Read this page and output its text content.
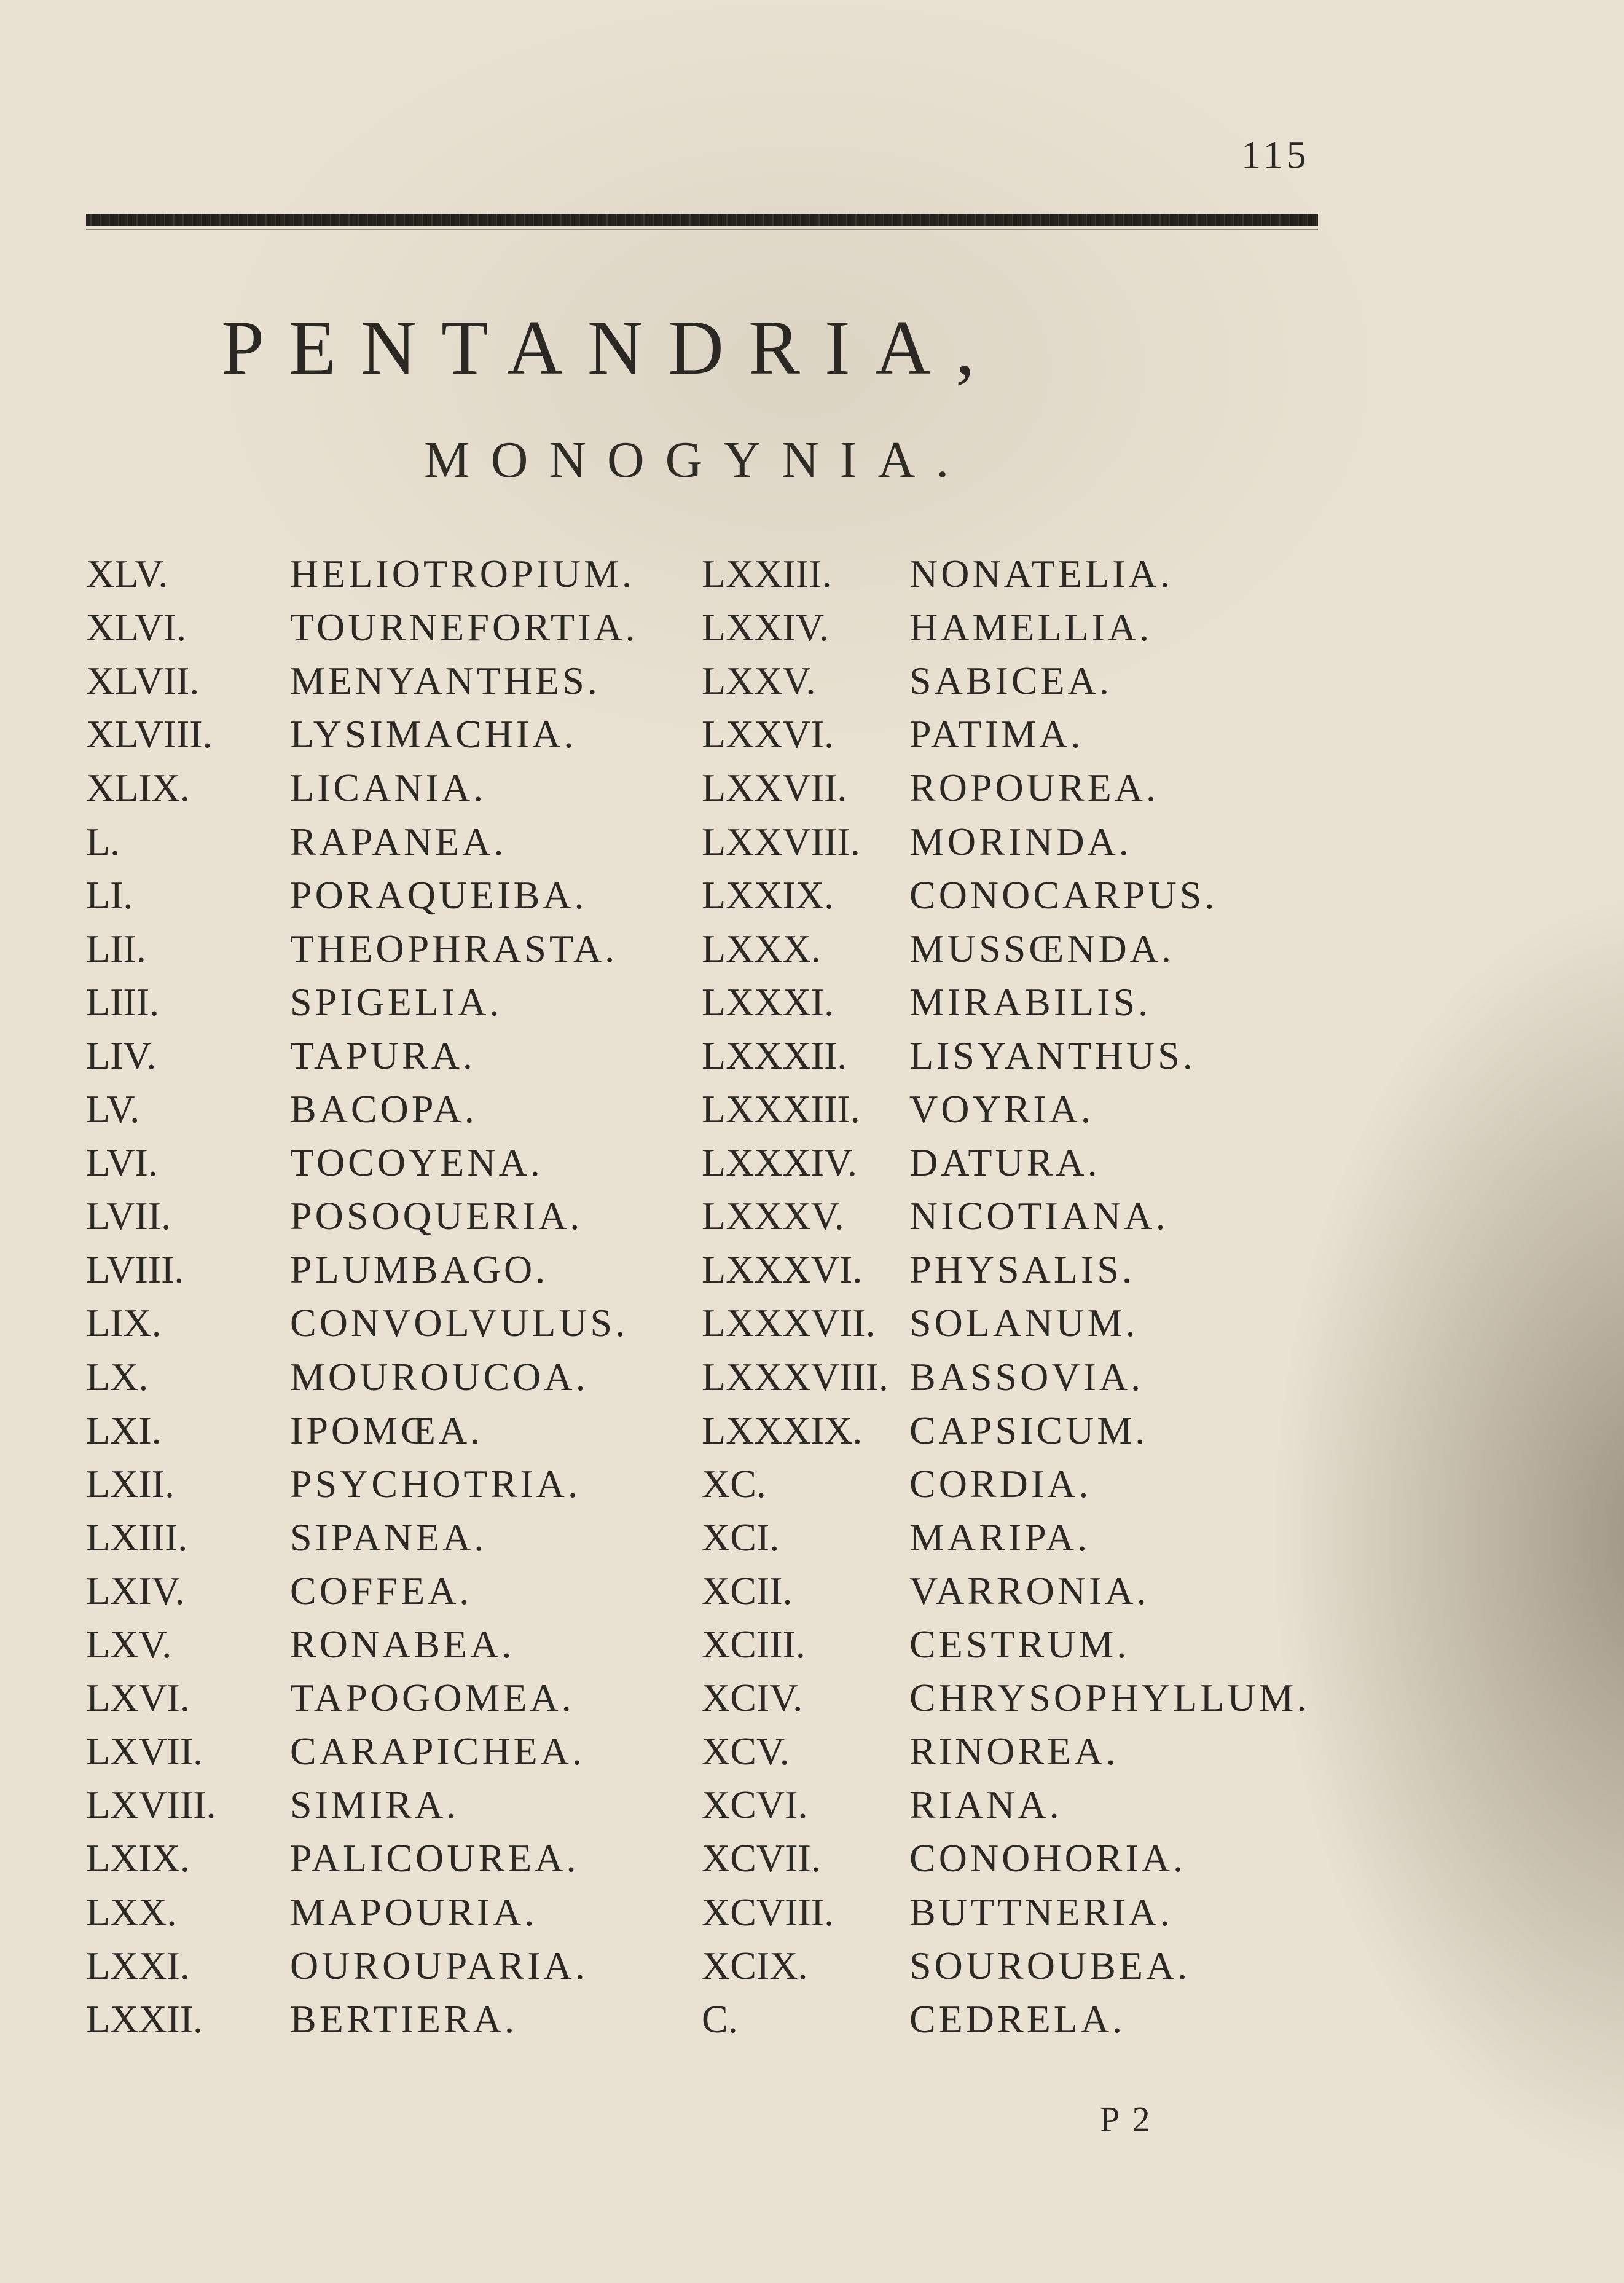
115
PENTANDRIA,
MONOGYNIA.
XLV.	HELIOTROPIUM. LXXIII. NONATELIA.
XLVI.	TOURNEFORTIA. LXXIV. HAMELLIA.
XLVII. MENYANTHES.	LXXV. SABICEA.
XLVIII. LYSIMACHIA.	LXXVI. PATIMA.
XLIX.	LICANIA.	LXXVII. ROPOUREA.
L.	RAPANEA.	LXXVIII. MORINDA.
LI.	PORAQUEIBA.	LXXIX. CONOCARPUS.
LII.	THEOPHRASTA. LXXX. MUSSŒNDA.
LIII.	SPIGELIA.	LXXXI. MIRABILIS.
LIV.	TAPURA.	LXXXII. LISYANTHUS.
LV.	BACOPA.	LXXXIII. VOYRIA.
LVI.	TOCOYENA.	LXXXIV. DATURA.
LVII.	POSOQUERIA.	LXXXV. NICOTIANA.
LVIII.	PLUMBAGO.	LXXXVI. PHYSALIS.
LIX.	CONVOLVULUS. LXXXVII. SOLANUM.
LX.	MOUROUCOA.	LXXXVIII. BASSOVIA.
LXI.	IPOMŒA.	LXXXIX. CAPSICUM.
LXII.	PSYCHOTRIA.	XC.	CORDIA.
LXIII.	SIPANEA.	XCI.	MARIPA.
LXIV.	COFFEA.	XCII.	VARRONIA.
LXV.	RONABEA.	XCIII.	CESTRUM.
LXVI.	TAPOGOMEA.	XCIV.	CHRYSOPHYLLUM.
LXVII. CARAPICHEA.	XCV.	RINOREA.
LXVIII. SIMIRA.	XCVI.	RIANA.
LXIX.	PALICOUREA.	XCVII. CONOHORIA.
LXX.	MAPOURIA.	XCVIII. BUTTNERIA.
LXXI.	OUROUPARIA.	XCIX.	SOUROUBEA.
LXXII. BERTIERA.	C.	CEDRELA.
P 2
